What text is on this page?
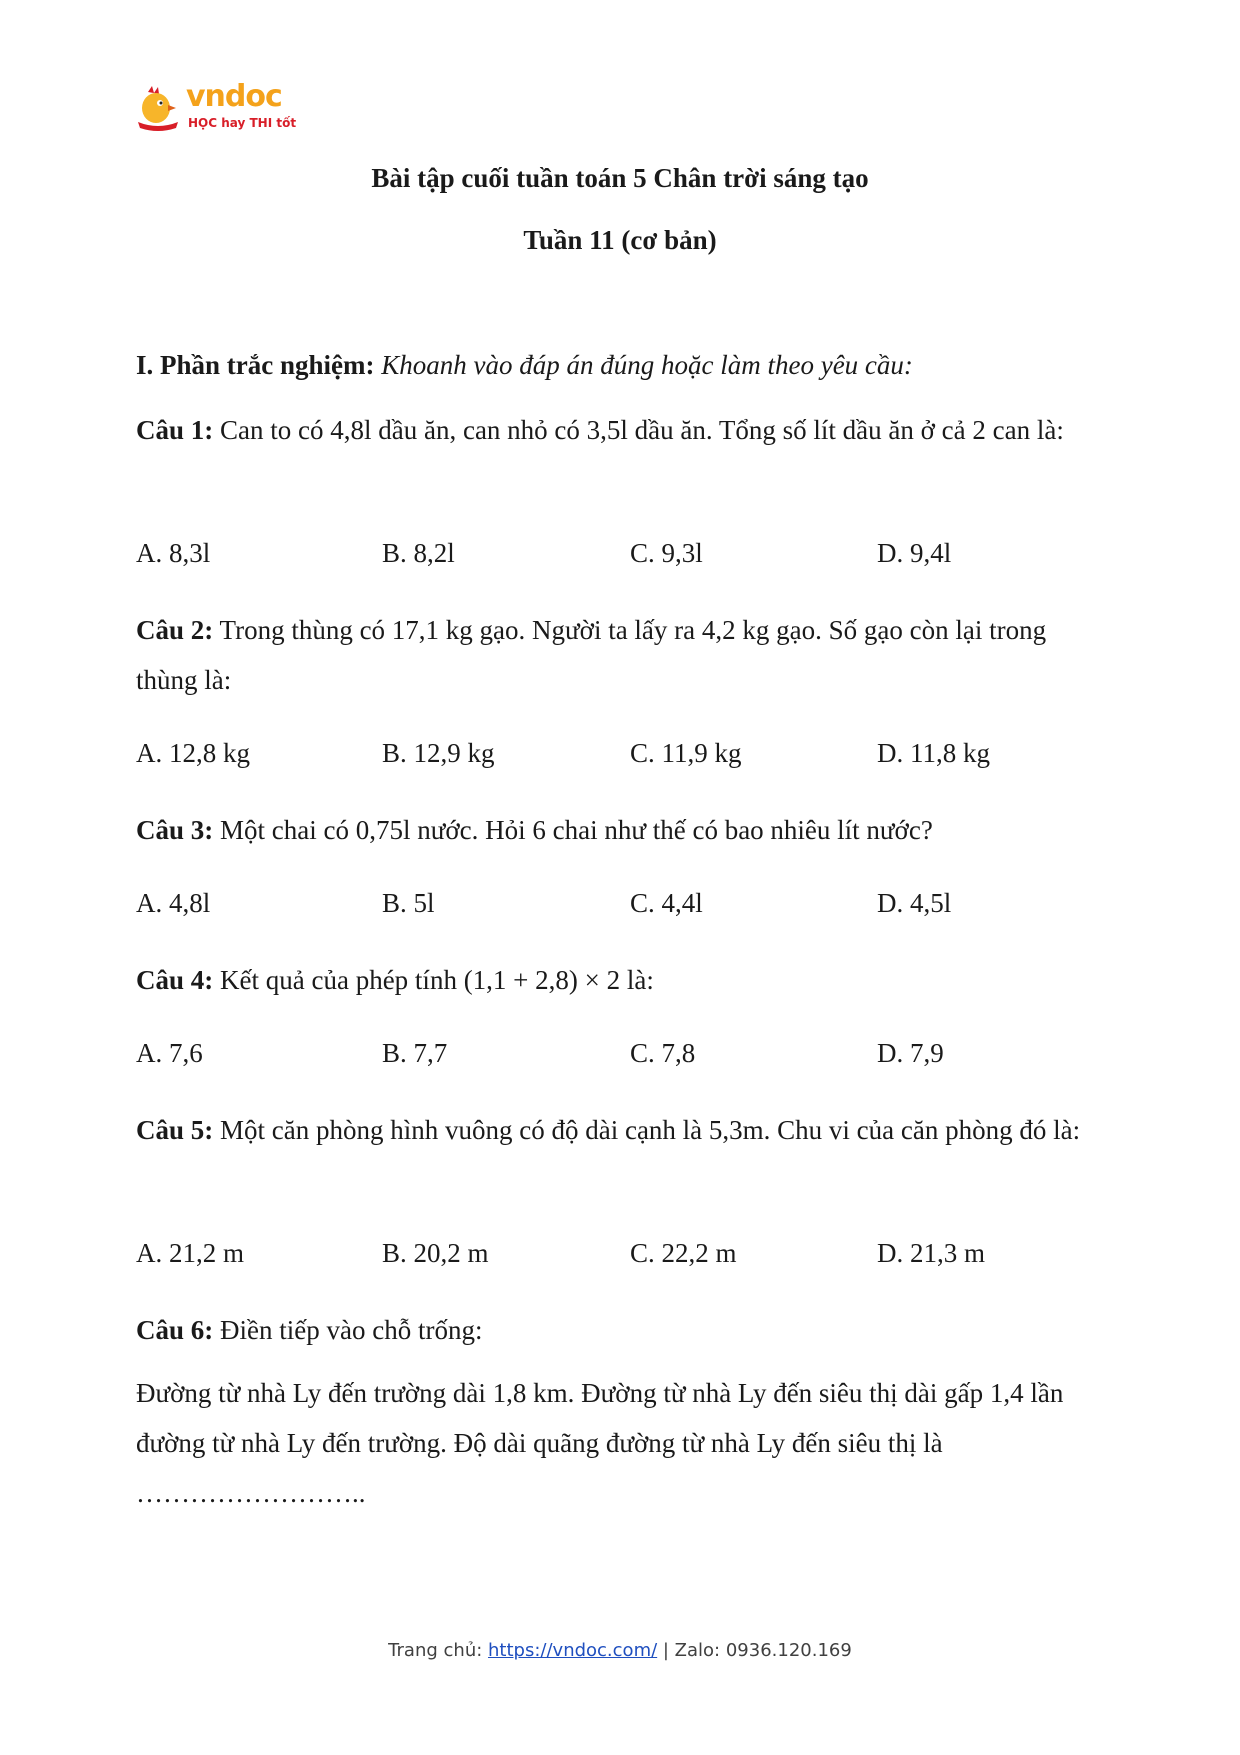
vndoc
HỌC hay THI tốt
Bài tập cuối tuần toán 5 Chân trời sáng tạo
Tuần 11 (cơ bản)
I. Phần trắc nghiệm: Khoanh vào đáp án đúng hoặc làm theo yêu cầu:
Câu 1: Can to có 4,8l dầu ăn, can nhỏ có 3,5l dầu ăn. Tổng số lít dầu ăn ở cả 2 can là:
A. 8,3l	B. 8,2l	C. 9,3l	D. 9,4l
Câu 2: Trong thùng có 17,1 kg gạo. Người ta lấy ra 4,2 kg gạo. Số gạo còn lại trong thùng là:
A. 12,8 kg	B. 12,9 kg	C. 11,9 kg	D. 11,8 kg
Câu 3: Một chai có 0,75l nước. Hỏi 6 chai như thế có bao nhiêu lít nước?
A. 4,8l	B. 5l	C. 4,4l	D. 4,5l
Câu 4: Kết quả của phép tính (1,1 + 2,8) × 2 là:
A. 7,6	B. 7,7	C. 7,8	D. 7,9
Câu 5: Một căn phòng hình vuông có độ dài cạnh là 5,3m. Chu vi của căn phòng đó là:
A. 21,2 m	B. 20,2 m	C. 22,2 m	D. 21,3 m
Câu 6: Điền tiếp vào chỗ trống:
Đường từ nhà Ly đến trường dài 1,8 km. Đường từ nhà Ly đến siêu thị dài gấp 1,4 lần đường từ nhà Ly đến trường. Độ dài quãng đường từ nhà Ly đến siêu thị là
……………………..
Trang chủ: https://vndoc.com/ | Zalo: 0936.120.169
